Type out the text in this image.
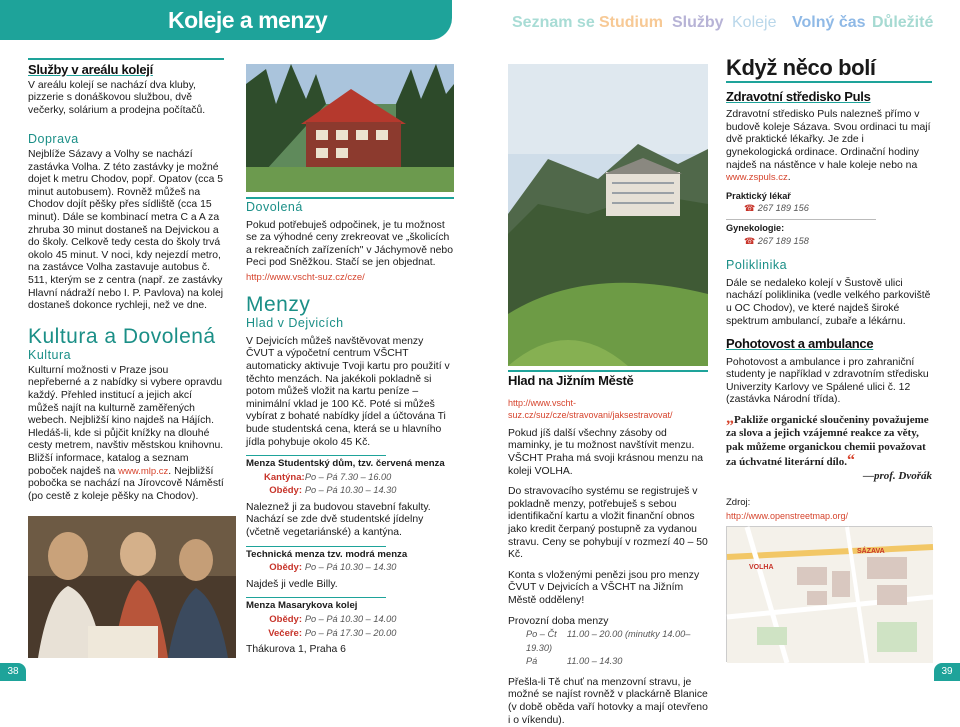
Koleje a menzy	Seznam se Studium Služby Koleje Volný čas Důležité
Služby v areálu kolejí
V areálu kolejí se nachází dva kluby, pizzerie s donáškovou službou, dvě večerky, solárium a prodejna počítačů.
Doprava
Nejblíže Sázavy a Volhy se nachází zastávka Volha. Z této zastávky je možné dojet k metru Chodov, popř. Opatov (cca 5 minut autobusem). Rovněž můžeš na Chodov dojít pěšky přes sídliště (cca 15 minut). Dále se kombinací metra C a A za zhruba 30 minut dostaneš na Dejvickou a do školy. Celkově tedy cesta do školy trvá okolo 45 minut. V noci, kdy nejezdí metro, na zastávce Volha zastavuje autobus č. 511, kterým se z centra (např. ze zastávky Hlavní nádraží nebo I. P. Pavlova) na kolej dostaneš dokonce rychleji, než ve dne.
Kultura a Dovolená
Kultura
Kulturní možnosti v Praze jsou nepřeberné a z nabídky si vybere opravdu každý. Přehled institucí a jejich akcí můžeš najít na kulturně zaměřených webech. Nejbližší kino najdeš na Hájích. Hledáš-li, kde si půjčit knížky na dlouhé cesty metrem, navštiv městskou knihovnu. Bližší informace, katalog a seznam poboček najdeš na www.mlp.cz. Nejbližší pobočka se nachází na Jírovcově Náměstí (po cestě z koleje pěšky na Chodov).
Dovolená
Pokud potřebuješ odpočinek, je tu možnost se za výhodné ceny zrekreovat ve „školicích a rekreačních zařízeních" v Jáchymově nebo Peci pod Sněžkou. Stačí se jen objednat.
http://www.vscht-suz.cz/cze/
Menzy
Hlad v Dejvicích
V Dejvicích můžeš navštěvovat menzy ČVUT a výpočetní centrum VŠCHT automaticky aktivuje Tvoji kartu pro použití v těchto menzách. Na jakékoli pokladně si potom můžeš vložit na kartu peníze – minimální vklad je 100 Kč. Poté si můžeš vybírat z bohaté nabídky jídel a účtována Ti bude studentská cena, která se u hlavního jídla pohybuje okolo 45 Kč.
Menza Studentský dům, tzv. červená menza
Kantýna: Po – Pá 7.30 – 16.00
Obědy: Po – Pá 10.30 – 14.30
Naleznež ji za budovou stavební fakulty. Nachází se zde dvě studentské jídelny (včetně vegetariánské) a kantýna.
Technická menza tzv. modrá menza
Obědy: Po – Pá 10.30 – 14.30
Najdeš ji vedle Billy.
Menza Masarykova kolej
Obědy: Po – Pá 10.30 – 14.00
Večeře: Po – Pá 17.30 – 20.00
Thákurova 1, Praha 6
Hlad na Jižním Městě
http://www.vscht-suz.cz/suz/cze/stravovani/jaksestravovat/
Pokud jíš další všechny zásoby od maminky, je tu možnost navštívit menzu. VŠCHT Praha má svoji krásnou menzu na koleji VOLHA.
Do stravovacího systému se registruješ v pokladně menzy, potřebuješ s sebou identifikační kartu a vložit finanční obnos jako kredit čerpaný postupně za vydanou stravu. Ceny se pohybují v rozmezí 40 – 50 Kč.
Konta s vloženými penězi jsou pro menzy ČVUT v Dejvicích a VŠCHT na Jižním Městě odděleny!
Provozní doba menzy
Po – Čt 11.00 – 20.00 (minutky 14.00–19.30)
Pá	11.00 – 14.30
Přešla-li Tě chuť na menzovní stravu, je možné se najíst rovněž v plackárně Blanice (v době oběda vaří hotovky a mají otevřeno i o víkendu).
Když něco bolí
Zdravotní středisko Puls
Zdravotní středisko Puls nalezneš přímo v budově koleje Sázava. Svou ordinaci tu mají dvě praktické lékařky. Je zde i gynekologická ordinace. Ordinační hodiny najdeš na nástěnce v hale koleje nebo na www.zspuls.cz.
Praktický lékař
☎ 267 189 156
Gynekologie:
☎ 267 189 158
Poliklinika
Dále se nedaleko kolejí v Šustově ulici nachází poliklinika (vedle velkého parkoviště u OC Chodov), ve které najdeš široké spektrum ambulancí, zubaře a lékárnu.
Pohotovost a ambulance
Pohotovost a ambulance i pro zahraniční studenty je například v zdravotním středisku Univerzity Karlovy ve Spálené ulici č. 12 (zastávka Národní třída).
„Pakliže organické sloučeniny považujeme za slova a jejich vzájemné reakce za věty, pak můžeme organickou chemii považovat za úchvatné literární dílo.“
—prof. Dvořák
Zdroj:
http://www.openstreetmap.org/
VOLHA
SÁZAVA
38	39
